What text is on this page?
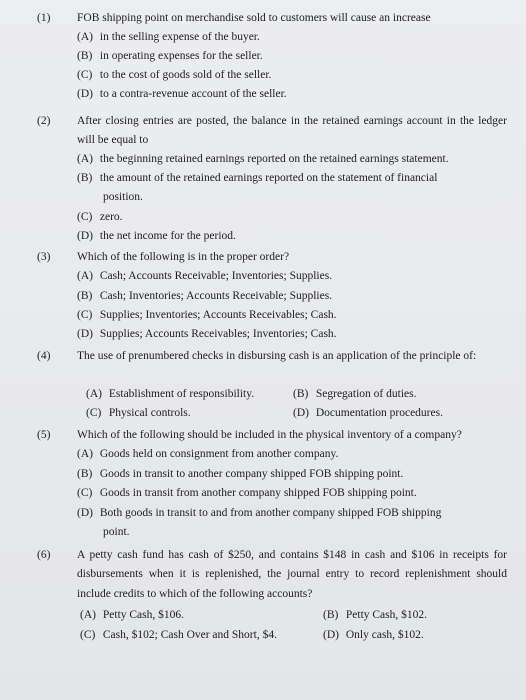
(1) FOB shipping point on merchandise sold to customers will cause an increase
(A) in the selling expense of the buyer.
(B) in operating expenses for the seller.
(C) to the cost of goods sold of the seller.
(D) to a contra-revenue account of the seller.
(2) After closing entries are posted, the balance in the retained earnings account in the ledger will be equal to
(A) the beginning retained earnings reported on the retained earnings statement.
(B) the amount of the retained earnings reported on the statement of financial
position.
(C) zero.
(D) the net income for the period.
(3) Which of the following is in the proper order?
(A) Cash; Accounts Receivable; Inventories; Supplies.
(B) Cash; Inventories; Accounts Receivable; Supplies.
(C) Supplies; Inventories; Accounts Receivables; Cash.
(D) Supplies; Accounts Receivables; Inventories; Cash.
(4) The use of prenumbered checks in disbursing cash is an application of the principle of:
(A) Establishment of responsibility.	(B) Segregation of duties.
(C) Physical controls.	(D) Documentation procedures.
(5) Which of the following should be included in the physical inventory of a company?
(A) Goods held on consignment from another company.
(B) Goods in transit to another company shipped FOB shipping point.
(C) Goods in transit from another company shipped FOB shipping point.
(D) Both goods in transit to and from another company shipped FOB shipping
point.
(6) A petty cash fund has cash of $250, and contains $148 in cash and $106 in receipts for disbursements when it is replenished, the journal entry to record replenishment should include credits to which of the following accounts?
(A) Petty Cash, $106.	(B) Petty Cash, $102.
(C) Cash, $102; Cash Over and Short, $4.	(D) Only cash, $102.
